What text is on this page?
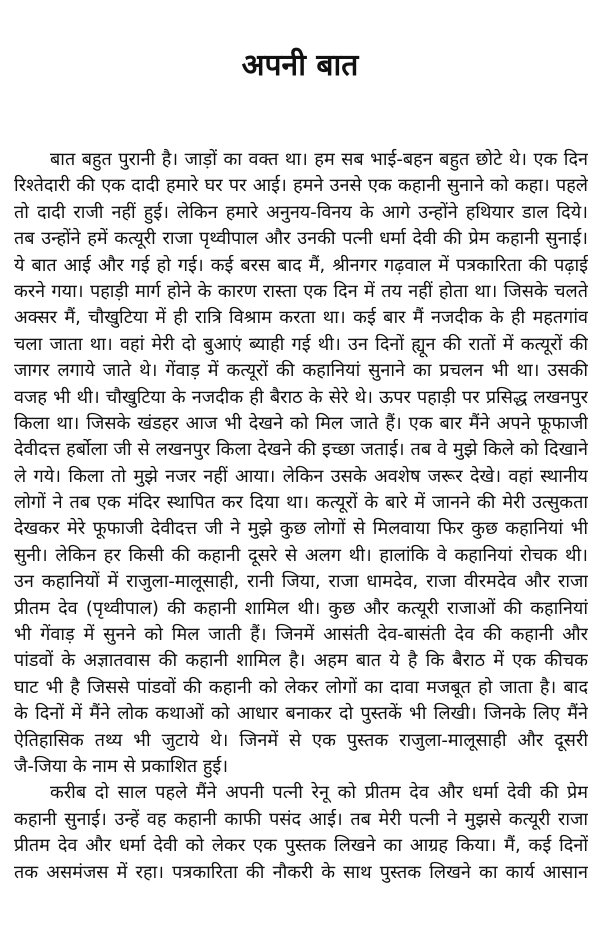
अपनी बात
बात बहुत पुरानी है। जाड़ों का वक्त था। हम सब भाई-बहन बहुत छोटे थे। एक दिन
रिश्तेदारी की एक दादी हमारे घर पर आई। हमने उनसे एक कहानी सुनाने को कहा। पहले
तो दादी राजी नहीं हुई। लेकिन हमारे अनुनय-विनय के आगे उन्होंने हथियार डाल दिये।
तब उन्होंने हमें कत्यूरी राजा पृथ्वीपाल और उनकी पत्नी धर्मा देवी की प्रेम कहानी सुनाई।
ये बात आई और गई हो गई। कई बरस बाद मैं, श्रीनगर गढ़वाल में पत्रकारिता की पढ़ाई
करने गया। पहाड़ी मार्ग होने के कारण रास्ता एक दिन में तय नहीं होता था। जिसके चलते
अक्सर मैं, चौखुटिया में ही रात्रि विश्राम करता था। कई बार मैं नजदीक के ही महतगांव
चला जाता था। वहां मेरी दो बुआएं ब्याही गई थी। उन दिनों ह्यून की रातों में कत्यूरों की
जागर लगाये जाते थे। गेंवाड़ में कत्यूरों की कहानियां सुनाने का प्रचलन भी था। उसकी
वजह भी थी। चौखुटिया के नजदीक ही बैराठ के सेरे थे। ऊपर पहाड़ी पर प्रसिद्ध लखनपुर
किला था। जिसके खंडहर आज भी देखने को मिल जाते हैं। एक बार मैंने अपने फूफाजी
देवीदत्त हर्बोला जी से लखनपुर किला देखने की इच्छा जताई। तब वे मुझे किले को दिखाने
ले गये। किला तो मुझे नजर नहीं आया। लेकिन उसके अवशेष जरूर देखे। वहां स्थानीय
लोगों ने तब एक मंदिर स्थापित कर दिया था। कत्यूरों के बारे में जानने की मेरी उत्सुकता
देखकर मेरे फूफाजी देवीदत्त जी ने मुझे कुछ लोगों से मिलवाया फिर कुछ कहानियां भी
सुनी। लेकिन हर किसी की कहानी दूसरे से अलग थी। हालांकि वे कहानियां रोचक थी।
उन कहानियों में राजुला-मालूसाही, रानी जिया, राजा धामदेव, राजा वीरमदेव और राजा
प्रीतम देव (पृथ्वीपाल) की कहानी शामिल थी। कुछ और कत्यूरी राजाओं की कहानियां
भी गेंवाड़ में सुनने को मिल जाती हैं। जिनमें आसंती देव-बासंती देव की कहानी और
पांडवों के अज्ञातवास की कहानी शामिल है। अहम बात ये है कि बैराठ में एक कीचक
घाट भी है जिससे पांडवों की कहानी को लेकर लोगों का दावा मजबूत हो जाता है। बाद
के दिनों में मैंने लोक कथाओं को आधार बनाकर दो पुस्तकें भी लिखी। जिनके लिए मैंने
ऐतिहासिक तथ्य भी जुटाये थे। जिनमें से एक पुस्तक राजुला-मालूसाही और दूसरी
जै-जिया के नाम से प्रकाशित हुई।
करीब दो साल पहले मैंने अपनी पत्नी रेनू को प्रीतम देव और धर्मा देवी की प्रेम
कहानी सुनाई। उन्हें वह कहानी काफी पसंद आई। तब मेरी पत्नी ने मुझसे कत्यूरी राजा
प्रीतम देव और धर्मा देवी को लेकर एक पुस्तक लिखने का आग्रह किया। मैं, कई दिनों
तक असमंजस में रहा। पत्रकारिता की नौकरी के साथ पुस्तक लिखने का कार्य आसान
